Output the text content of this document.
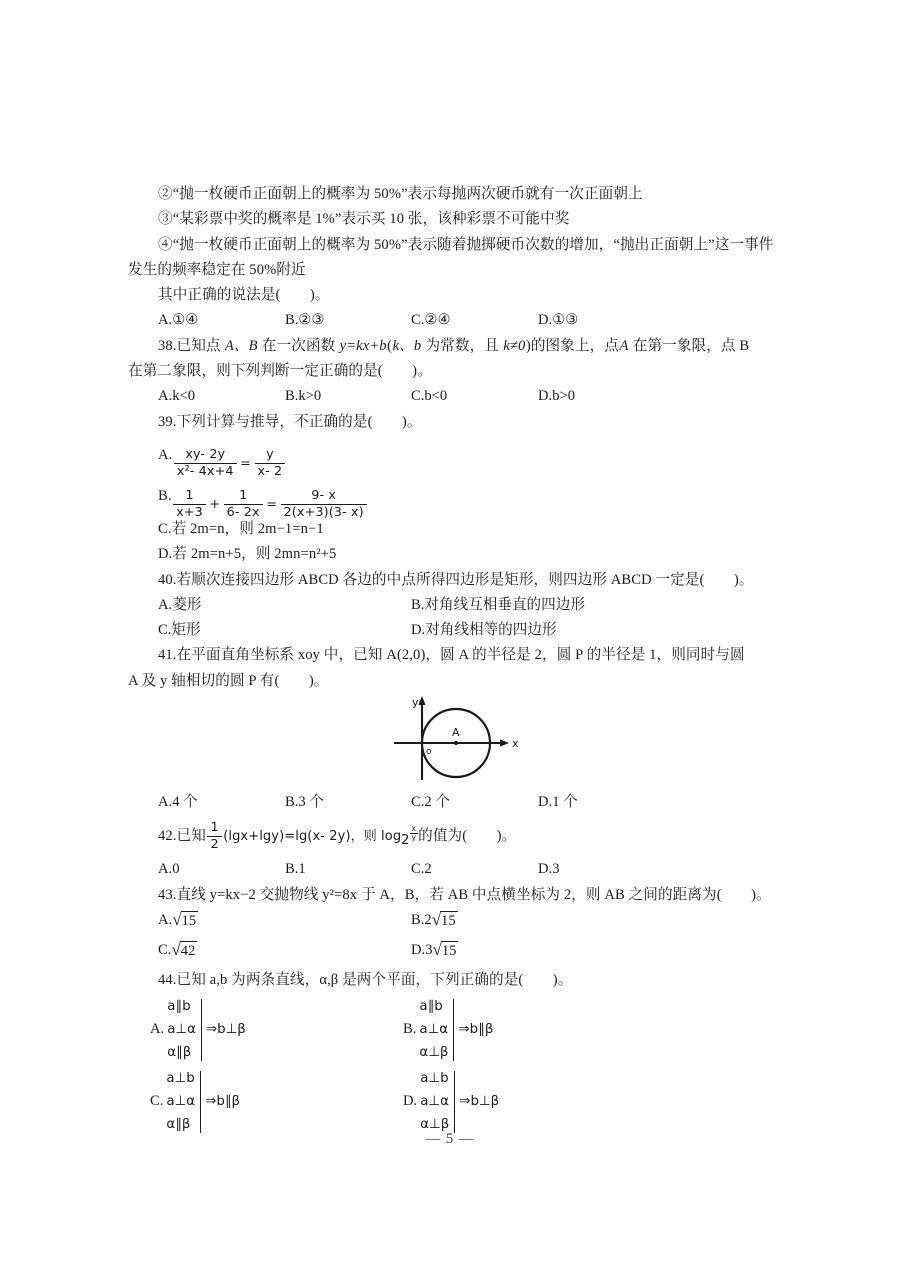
②“抛一枚硬币正面朝上的概率为 50%”表示每抛两次硬币就有一次正面朝上
③“某彩票中奖的概率是 1%”表示买 10 张，该种彩票不可能中奖
④“抛一枚硬币正面朝上的概率为 50%”表示随着抛掷硬币次数的增加，“抛出正面朝上”这一事件发生的频率稳定在 50%附近
其中正确的说法是(　　)。
A.①④	B.②③	C.②④	D.①③
38.已知点 A、B 在一次函数 y=kx+b(k、b 为常数，且 k≠0)的图象上，点A 在第一象限，点 B
在第二象限，则下列判断一定正确的是(　　)。
A.k<0	B.k>0	C.b<0	D.b>0
39.下列计算与推导，不正确的是(　　)。
A. $\frac{xy- 2y}{\text{x²- 4x+4}} = \frac{y}{x- 2}$
B. $\frac{1}{x+3} + \frac{1}{6- 2x} = \frac{9- x}{2(x+3)(3- x)}$
C.若 2m=n，则 2m−1=n−1
D.若 2m=n+5，则 2mn=n²+5
40.若顺次连接四边形 ABCD 各边的中点所得四边形是矩形，则四边形 ABCD 一定是(　　)。
A.菱形	B.对角线互相垂直的四边形
C.矩形	D.对角线相等的四边形
41.在平面直角坐标系 xoy 中，已知 A(2,0)，圆 A 的半径是 2，圆 P 的半径是 1，则同时与圆
A 及 y 轴相切的圆 P 有(　　)。
o
A
y
x
A.4 个	B.3 个	C.2 个	D.1 个
42.已知 $\frac{1}{2} (\lg x+\lg y)=\lg(x-$ 2y)，则 $\log 2 \frac{x}{y}$ 的值为(　　)。
A.0	B.1	C.2	D.3
43.直线 y=kx−2 交抛物线 y²=8x 于 A，B，若 AB 中点横坐标为 2，则 AB 之间的距离为(　　)。
A. √ 15	B.2 √ 15
C. √ 42	D.3 √ 15
44.已知 a,b 为两条直线，α,β 是两个平面，下列正确的是(　　)。
A.
a∥b
a⊥α
α∥β
⇒b⊥β	B.
a∥b
a⊥α
α⊥β
⇒b∥β
C.
a⊥b
a⊥α
α∥β
⇒b∥β	D.
a⊥b
a⊥α
α⊥β
⇒b⊥β
— 5 —
